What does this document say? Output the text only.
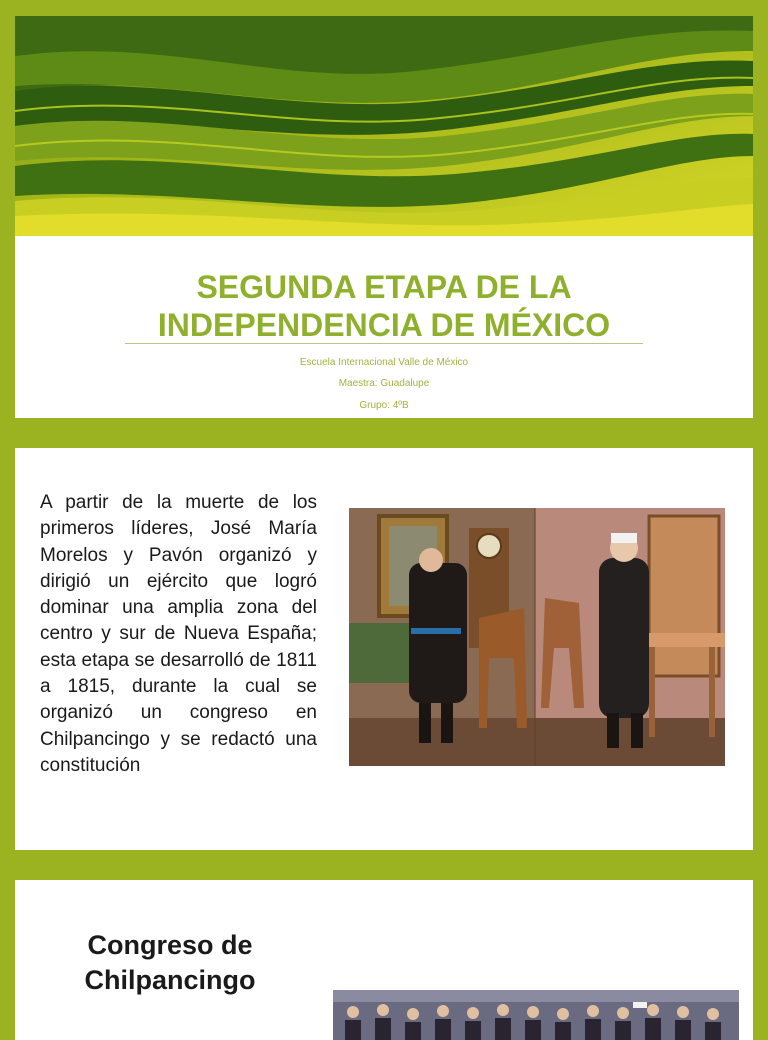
SEGUNDA ETAPA DE LA
INDEPENDENCIA DE MÉXICO

Escuela Internacional Valle de México

Maestra: Guadalupe

Grupo: 4ºB

A partir de la muerte de los primeros líderes, José María Morelos y Pavón organizó y dirigió un ejército que logró dominar una amplia zona del centro y sur de Nueva España; esta etapa se desarrolló de 1811 a 1815, durante la cual se organizó un congreso en Chilpancingo y se redactó una constitución

Congreso de Chilpancingo
